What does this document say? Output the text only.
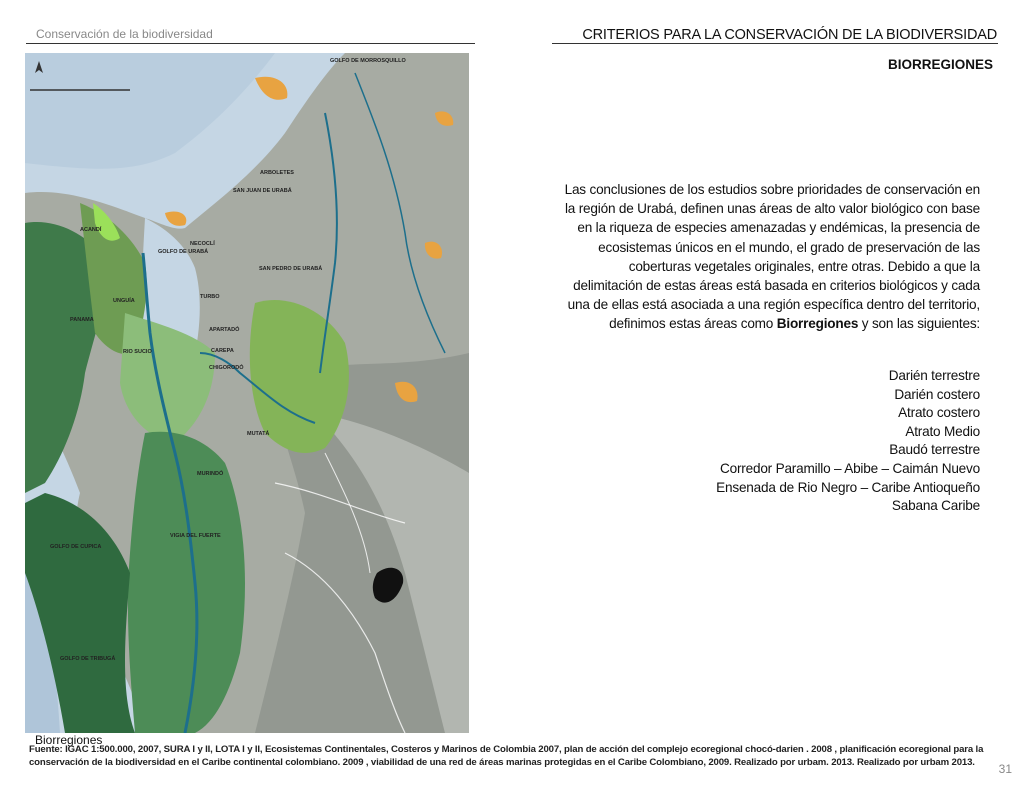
Conservación de la biodiversidad	CRITERIOS PARA LA CONSERVACIÓN DE LA BIODIVERSIDAD
BIORREGIONES
GOLFO DE MORROSQUILLO
ARBOLETES
SAN JUAN DE URABÁ
ACANDÍ
GOLFO DE URABÁ
NECOCLÍ
SAN PEDRO DE URABÁ
UNGUÍA
PANAMA
TURBO
APARTADÓ
CAREPA
CHIGORODÓ
RIO SUCIO
MUTATÁ
MURINDÓ
VIGIA DEL FUERTE
GOLFO DE CUPICA
GOLFO DE TRIBUGÁ

Las conclusiones de los estudios sobre prioridades de conservación en la región de Urabá, definen unas áreas de alto valor biológico con base en la riqueza de especies amenazadas y endémicas, la presencia de ecosistemas únicos en el mundo, el grado de preservación de las coberturas vegetales originales, entre otras. Debido a que la delimitación de estas áreas está basada en criterios biológicos y cada una de ellas está asociada a una región específica dentro del territorio, definimos estas áreas como Biorregiones y son las siguientes:

Darién terrestre
Darién costero
Atrato costero
Atrato Medio
Baudó terrestre
Corredor Paramillo – Abibe – Caimán Nuevo
Ensenada de Rio Negro – Caribe Antioqueño
Sabana Caribe
Biorregiones
Fuente: IGAC 1:500.000, 2007, SURA I y II, LOTA I y II, Ecosistemas Continentales, Costeros y Marinos de Colombia 2007, plan de acción del complejo ecoregional chocó-darien . 2008 , planificación ecoregional para la conservación de la biodiversidad en el Caribe continental colombiano. 2009 , viabilidad de una red de áreas marinas protegidas en el Caribe Colombiano, 2009. Realizado por urbam. 2013. Realizado por urbam 2013.	31
